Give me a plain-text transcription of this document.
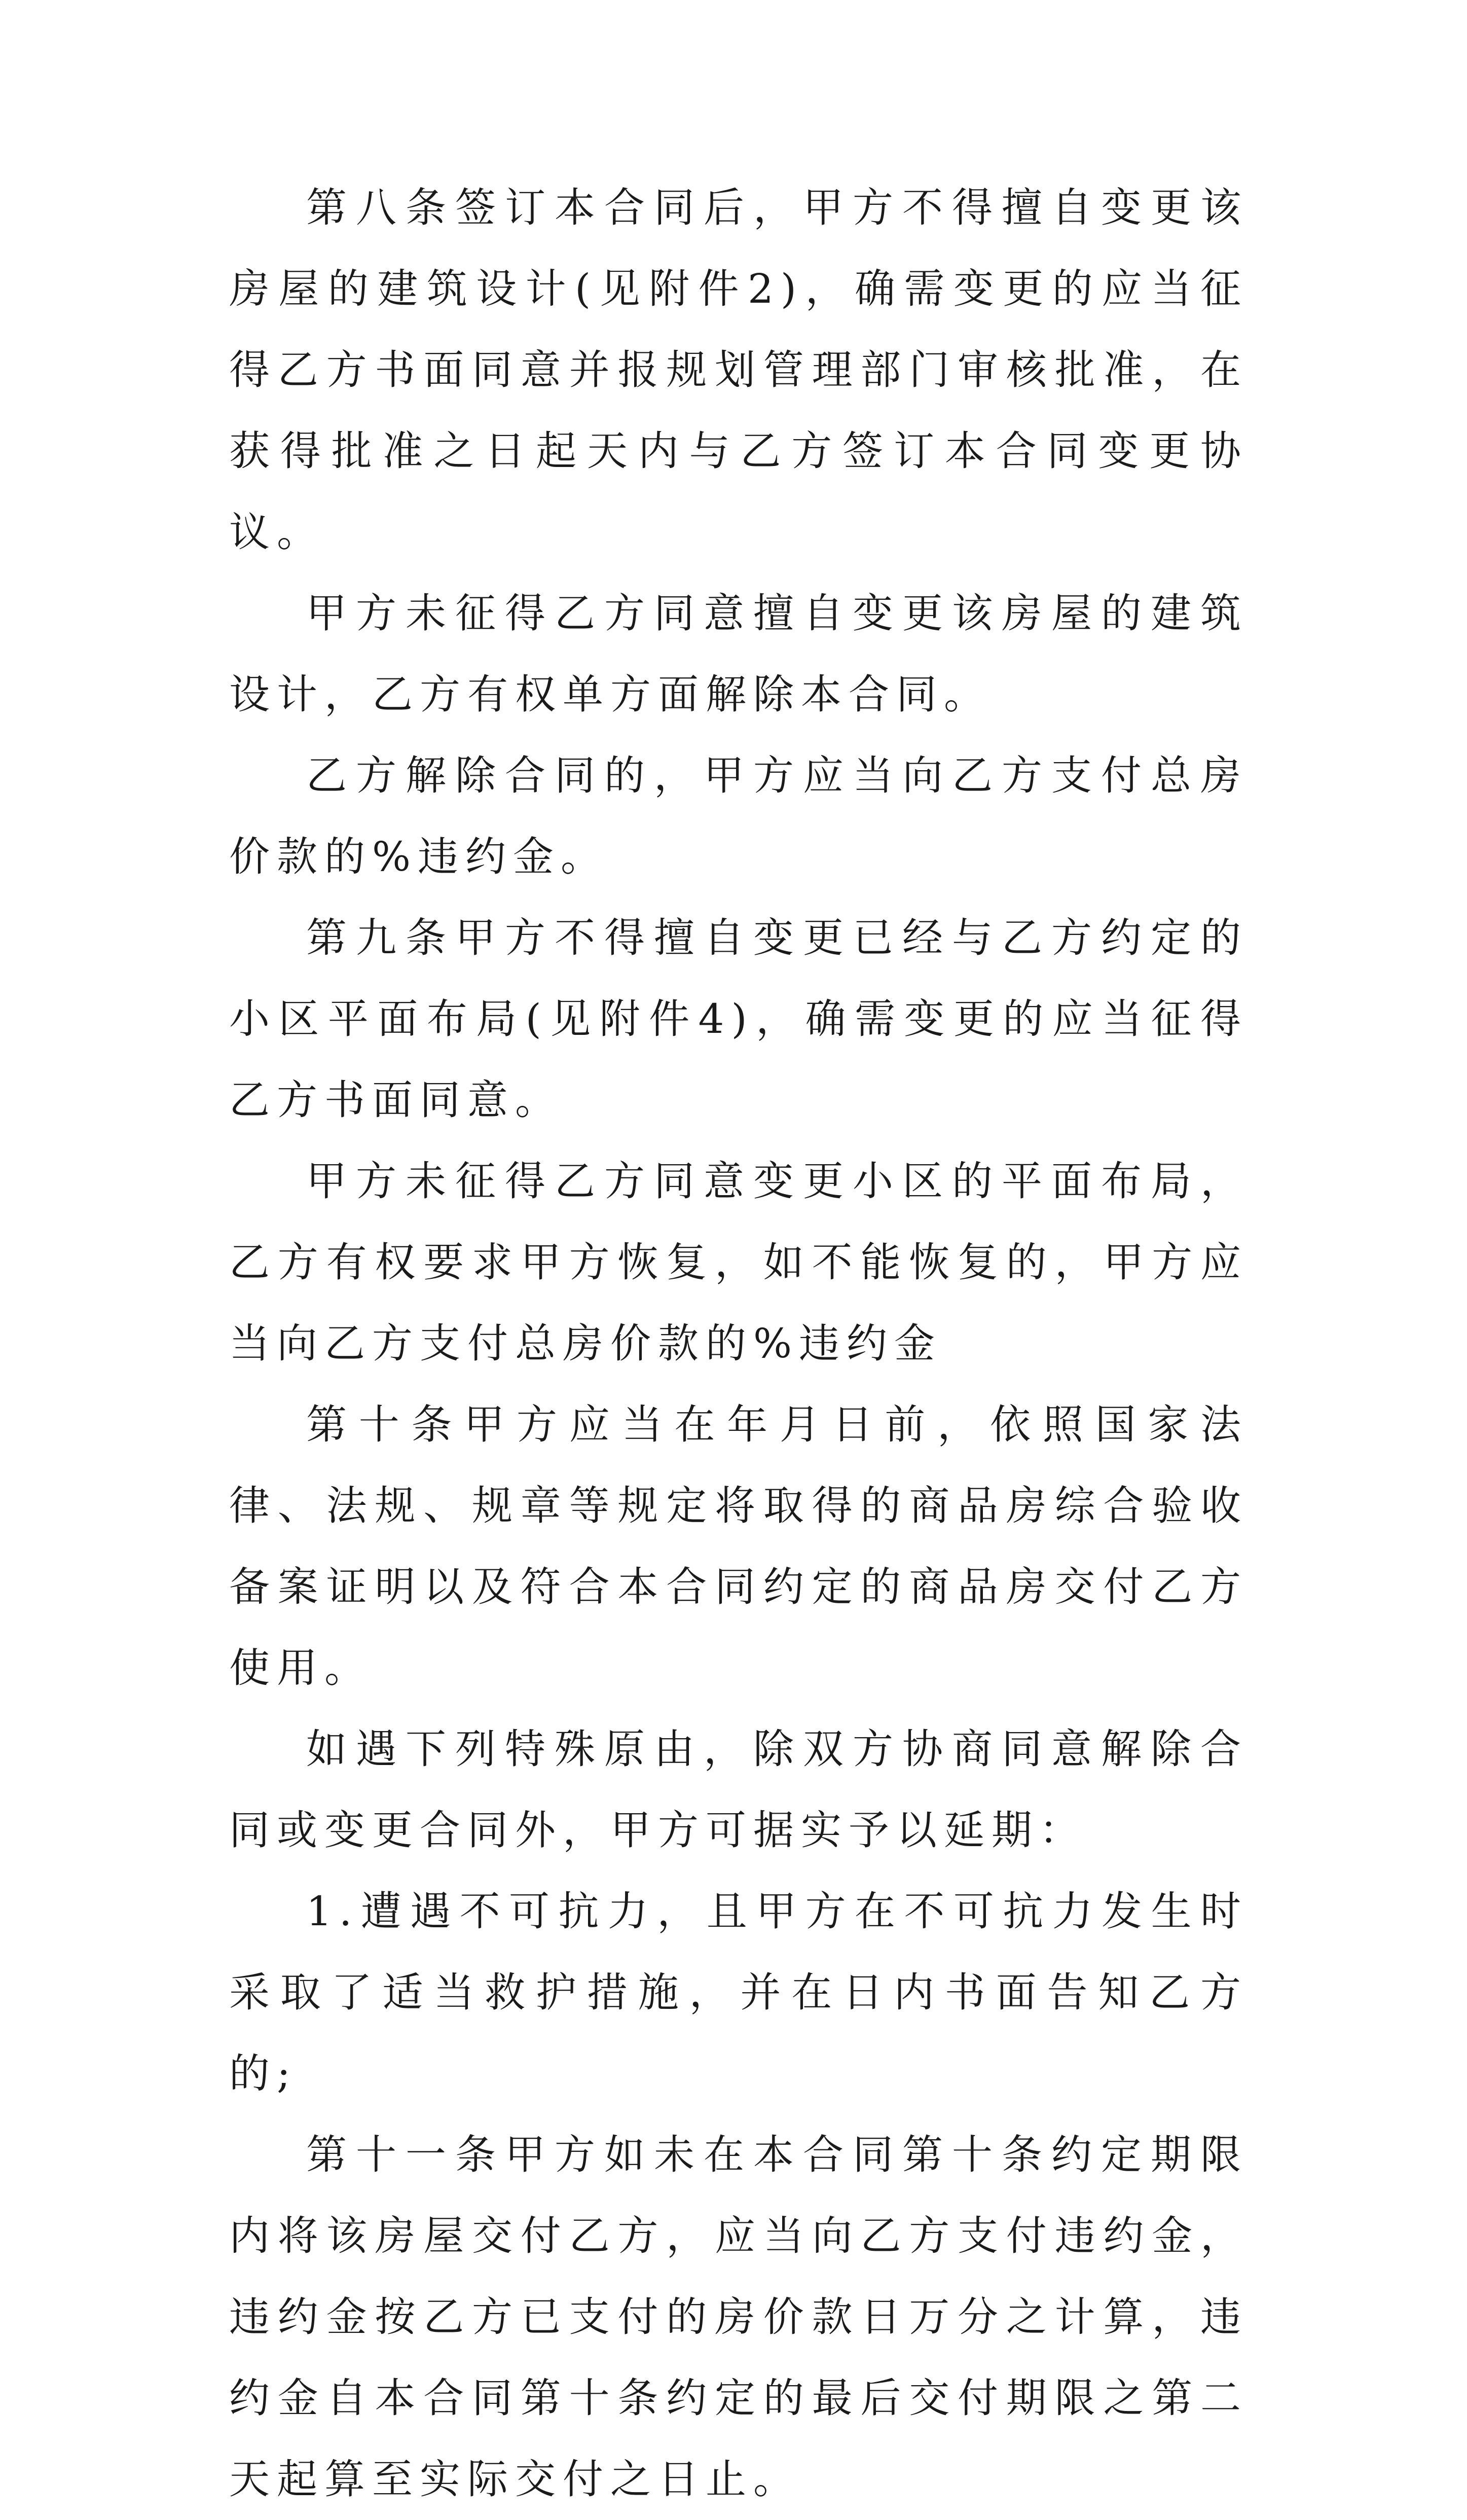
第八条签订本合同后，甲方不得擅自变更该房屋的建筑设计(见附件2)，确需变更的应当征得乙方书面同意并报规划管理部门审核批准，在获得批准之日起天内与乙方签订本合同变更协议。

甲方未征得乙方同意擅自变更该房屋的建筑设计，乙方有权单方面解除本合同。

乙方解除合同的，甲方应当向乙方支付总房价款的%违约金。

第九条甲方不得擅自变更已经与乙方约定的小区平面布局(见附件4)，确需变更的应当征得乙方书面同意。

甲方未征得乙方同意变更小区的平面布局，乙方有权要求甲方恢复，如不能恢复的，甲方应当向乙方支付总房价款的%违约金

第十条甲方应当在年月日前，依照国家法律、法规、规章等规定将取得的商品房综合验收备案证明以及符合本合同约定的商品房交付乙方使用。

如遇下列特殊原由，除双方协商同意解除合同或变更合同外，甲方可据实予以延期：

1.遭遇不可抗力，且甲方在不可抗力发生时采取了适当救护措施，并在日内书面告知乙方的;

第十一条甲方如未在本合同第十条约定期限内将该房屋交付乙方，应当向乙方支付违约金，违约金按乙方已支付的房价款日万分之计算，违约金自本合同第十条约定的最后交付期限之第二天起算至实际交付之日止。
